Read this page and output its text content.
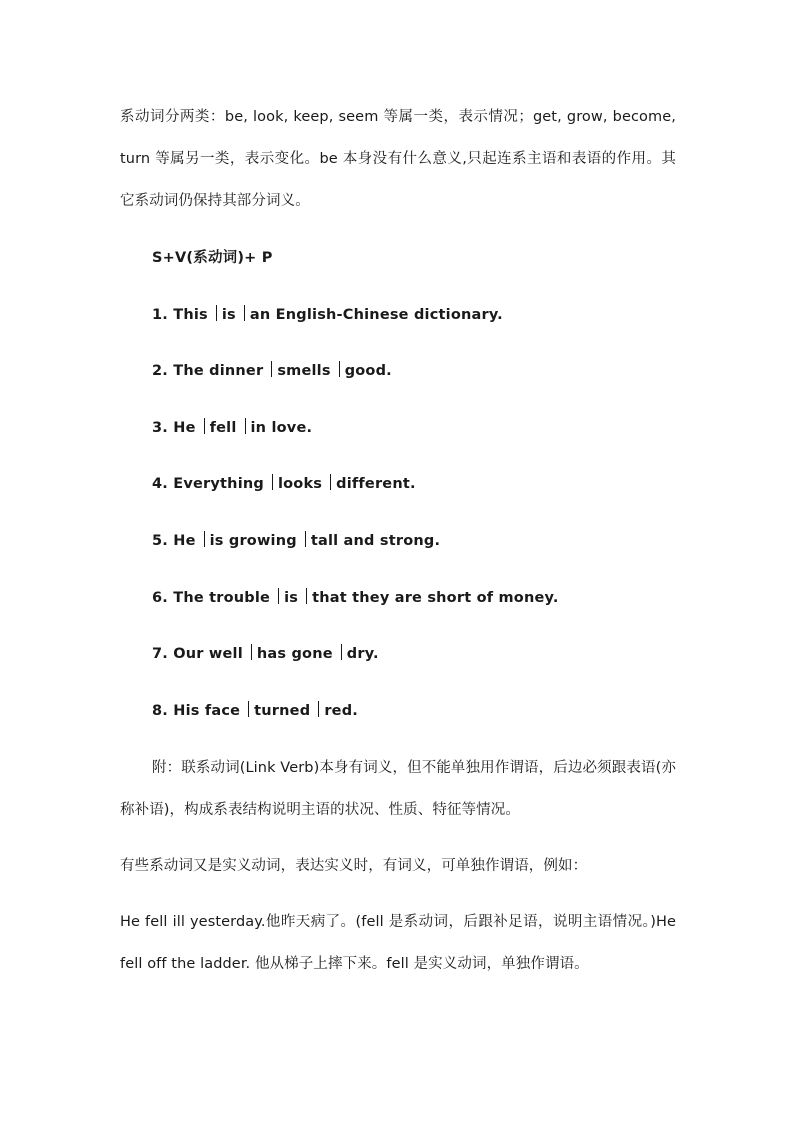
系动词分两类：be, look, keep, seem 等属一类，表示情况；get, grow, become, turn 等属另一类，表示变化。be 本身没有什么意义,只起连系主语和表语的作用。其它系动词仍保持其部分词义。

S+V(系动词)+ P

1. This is an English-Chinese dictionary.

2. The dinner smells good.

3. He fell in love.

4. Everything looks different.

5. He is growing tall and strong.

6. The trouble is that they are short of money.

7. Our well has gone dry.

8. His face turned red.

附：联系动词(Link Verb)本身有词义，但不能单独用作谓语，后边必须跟表语(亦称补语)，构成系表结构说明主语的状况、性质、特征等情况。

有些系动词又是实义动词，表达实义时，有词义，可单独作谓语，例如：

He fell ill yesterday.他昨天病了。(fell 是系动词，后跟补足语，说明主语情况。)He fell off the ladder. 他从梯子上摔下来。fell 是实义动词，单独作谓语。
